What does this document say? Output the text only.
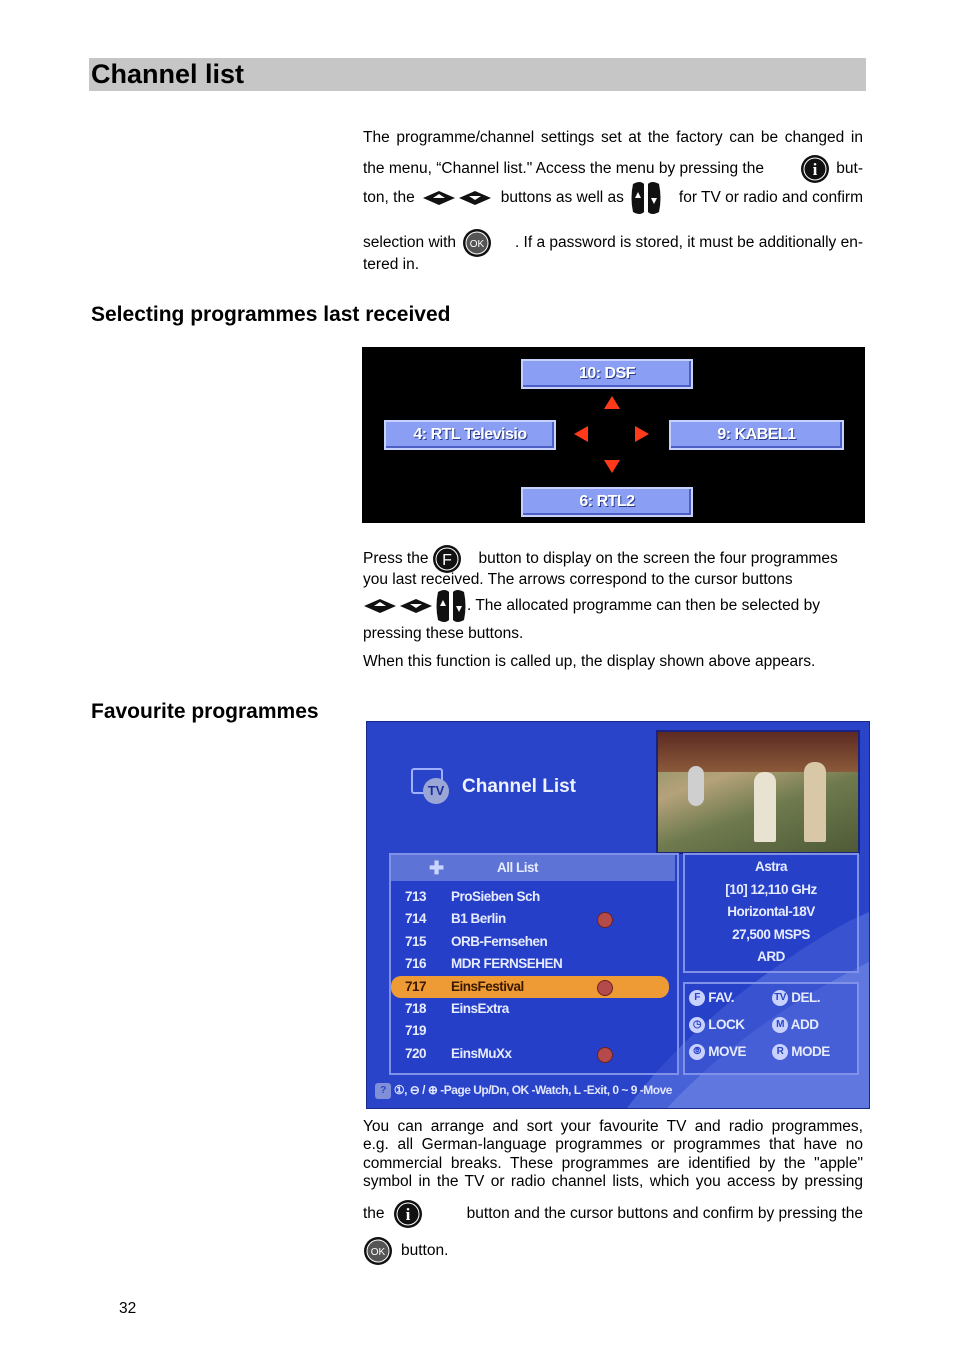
Channel list
The programme/channel settings set at the factory can be changed in
the menu, “Channel list." Access the menu by pressing the	i but-
ton, the	buttons as well as	for TV or radio and confirm
selection with OK . If a password is stored, it must be additionally en-
tered in.
Selecting programmes last received
10: DSF
4: RTL Televisio	9: KABEL1
6: RTL2
Press the F button to display on the screen the four programmes
you last received. The arrows correspond to the cursor buttons
. The allocated programme can then be selected by
pressing these buttons.
When this function is called up, the display shown above appears.
Favourite programmes
TV Channel List
✚	All List
713 ProSieben Sch
714 B1 Berlin
715 ORB-Fernsehen
716 MDR FERNSEHEN
717 EinsFestival
718 EinsExtra
719
720 EinsMuXx
Astra
[10] 12,110 GHz
Horizontal-18V
27,500 MSPS
ARD
F FAV.	TV DEL.
◷ LOCK	M ADD
⦾ MOVE	R MODE
? ①, ⊖ / ⊕ -Page Up/Dn, OK -Watch, L -Exit, 0 ~ 9 -Move
You can arrange and sort your favourite TV and radio programmes,
e.g. all German-language programmes or programmes that have no
commercial breaks. These programmes are identified by the "apple"
symbol in the TV or radio channel lists, which you access by pressing
the i	button and the cursor buttons and confirm by pressing the
OK button.
32
